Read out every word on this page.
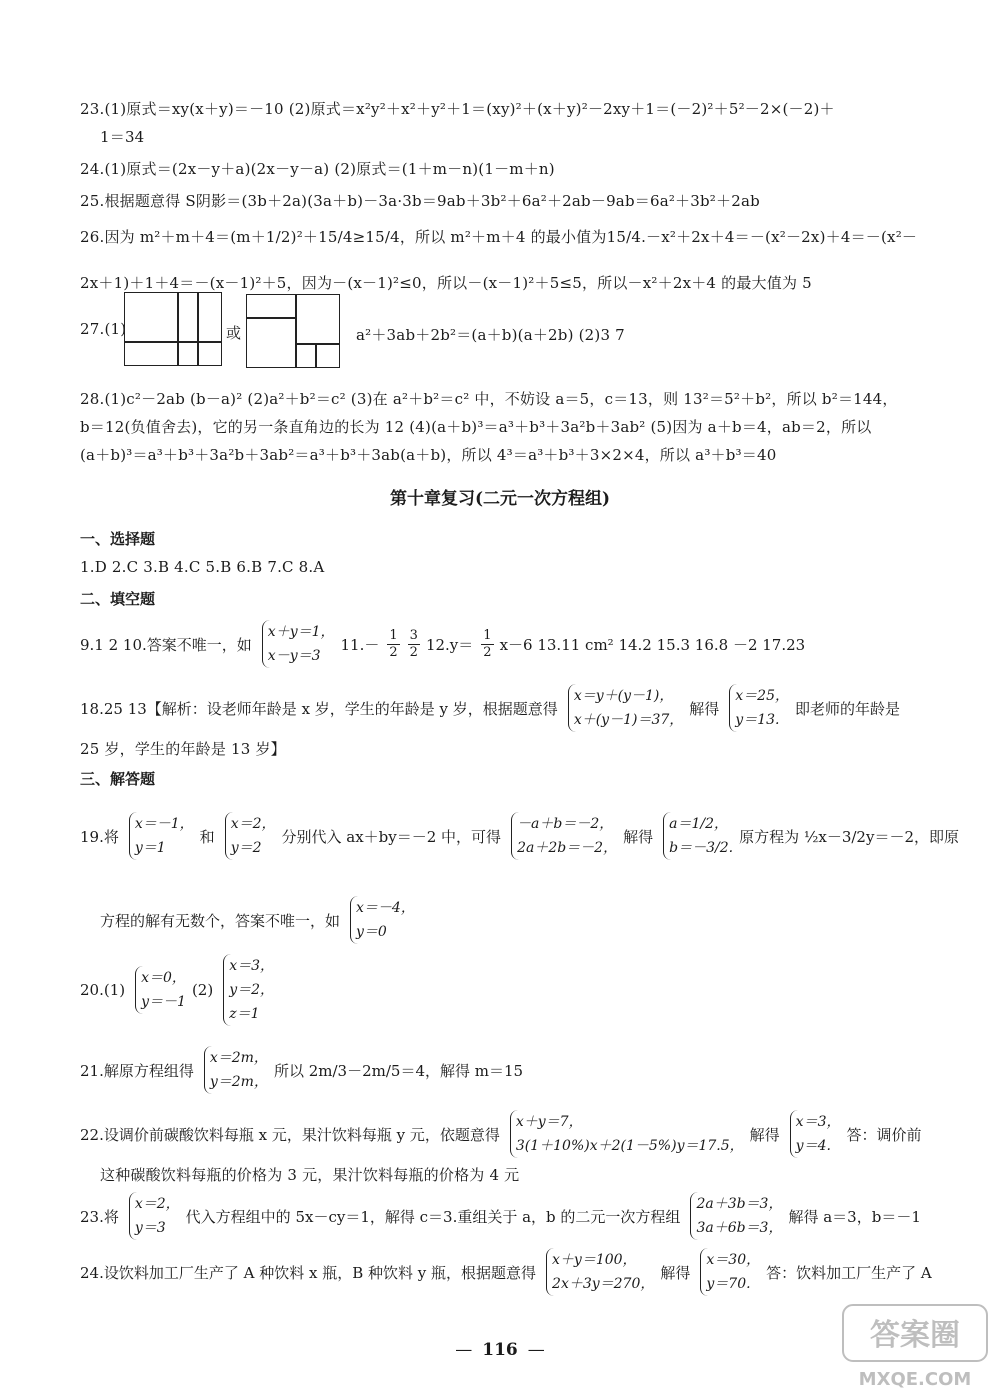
23.(1)原式＝xy(x＋y)＝－10 (2)原式＝x²y²＋x²＋y²＋1＝(xy)²＋(x＋y)²－2xy＋1＝(－2)²＋5²－2×(－2)＋
1＝34
24.(1)原式＝(2x－y＋a)(2x－y－a) (2)原式＝(1＋m－n)(1－m＋n)
25.根据题意得 S阴影＝(3b＋2a)(3a＋b)－3a·3b＝9ab＋3b²＋6a²＋2ab－9ab＝6a²＋3b²＋2ab
26.因为 m²＋m＋4＝(m＋1/2)²＋15/4≥15/4，所以 m²＋m＋4 的最小值为15/4.－x²＋2x＋4＝－(x²－2x)＋4＝－(x²－
2x＋1)＋1＋4＝－(x－1)²＋5，因为－(x－1)²≤0，所以－(x－1)²＋5≤5，所以－x²＋2x＋4 的最大值为 5
27.(1)	或	a²＋3ab＋2b²＝(a＋b)(a＋2b) (2)3 7
28.(1)c²－2ab (b－a)² (2)a²＋b²＝c² (3)在 a²＋b²＝c² 中，不妨设 a＝5，c＝13，则 13²＝5²＋b²，所以 b²＝144，
b＝12(负值舍去)，它的另一条直角边的长为 12 (4)(a＋b)³＝a³＋b³＋3a²b＋3ab² (5)因为 a＋b＝4，ab＝2，所以
(a＋b)³＝a³＋b³＋3a²b＋3ab²＝a³＋b³＋3ab(a＋b)，所以 4³＝a³＋b³＋3×2×4，所以 a³＋b³＝40
第十章复习(二元一次方程组)
一、选择题
1.D 2.C 3.B 4.C 5.B 6.B 7.C 8.A
二、填空题
9.1 2 10.答案不唯一，如
x＋y＝1，
x－y＝3
$11.- \frac{1}{2} \frac{3}{2} 12.y= \frac{1}{2} x-6$ 13.11 cm² 14.2 15.3 16.8 －2 17.23
18.25 13【解析：设老师年龄是 x 岁，学生的年龄是 y 岁，根据题意得
x＝y＋(y－1)，
x＋(y－1)＝37，
解得
x＝25，
y＝13.
即老师的年龄是
25 岁，学生的年龄是 13 岁】
三、解答题
19.将
x＝－1，
y＝1
和
x＝2，
y＝2
分别代入 ax＋by＝－2 中，可得
－a＋b＝－2，
2a＋2b＝－2，
解得
a＝1/2，
b＝－3/2.
原方程为 ½x－3/2y＝－2，即原
方程的解有无数个，答案不唯一，如
x＝－4，
y＝0
20.(1)
x＝0，
y＝－1
(2)
x＝3，
y＝2，
z＝1
21.解原方程组得
x＝2m，
y＝2m，
所以 2m/3－2m/5＝4，解得 m＝15
22.设调价前碳酸饮料每瓶 x 元，果汁饮料每瓶 y 元，依题意得
x＋y＝7，
3(1＋10%)x＋2(1－5%)y＝17.5，
解得
x＝3，
y＝4.
答：调价前
这种碳酸饮料每瓶的价格为 3 元，果汁饮料每瓶的价格为 4 元
23.将
x＝2，
y＝3
代入方程组中的 5x－cy＝1，解得 c＝3.重组关于 a，b 的二元一次方程组
2a＋3b＝3，
3a＋6b＝3，
解得 a＝3，b＝－1
24.设饮料加工厂生产了 A 种饮料 x 瓶，B 种饮料 y 瓶，根据题意得
x＋y＝100，
2x＋3y＝270，
解得
x＝30，
y＝70.
答：饮料加工厂生产了 A
— 116 —	答案圈
MXQE.COM
